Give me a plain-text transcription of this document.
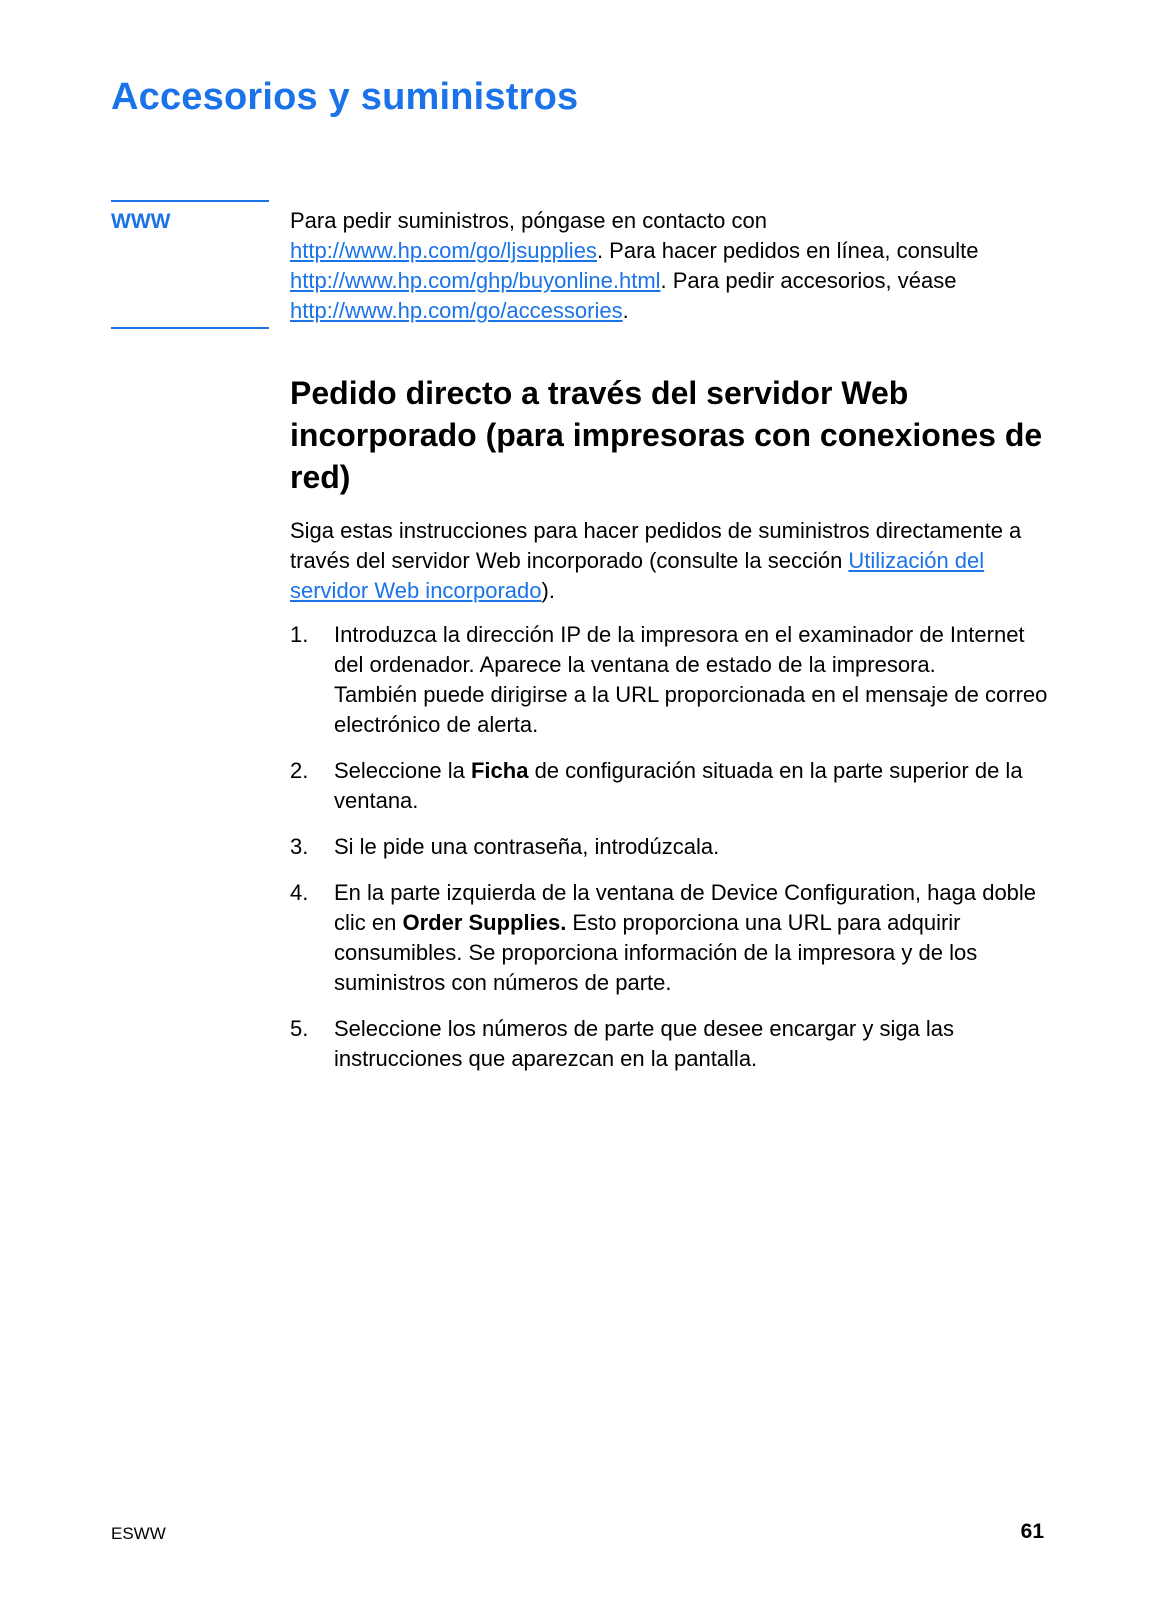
Accesorios y suministros
WWW	Para pedir suministros, póngase en contacto con http://www.hp.com/go/ljsupplies. Para hacer pedidos en línea, consulte http://www.hp.com/ghp/buyonline.html. Para pedir accesorios, véase http://www.hp.com/go/accessories.

Pedido directo a través del servidor Web incorporado (para impresoras con conexiones de red)

Siga estas instrucciones para hacer pedidos de suministros directamente a través del servidor Web incorporado (consulte la sección Utilización del servidor Web incorporado).

1. Introduzca la dirección IP de la impresora en el examinador de Internet del ordenador. Aparece la ventana de estado de la impresora.
También puede dirigirse a la URL proporcionada en el mensaje de correo electrónico de alerta.
2. Seleccione la Ficha de configuración situada en la parte superior de la ventana.
3. Si le pide una contraseña, introdúzcala.
4. En la parte izquierda de la ventana de Device Configuration, haga doble clic en Order Supplies. Esto proporciona una URL para adquirir consumibles. Se proporciona información de la impresora y de los suministros con números de parte.
5. Seleccione los números de parte que desee encargar y siga las instrucciones que aparezcan en la pantalla.
ESWW	61
